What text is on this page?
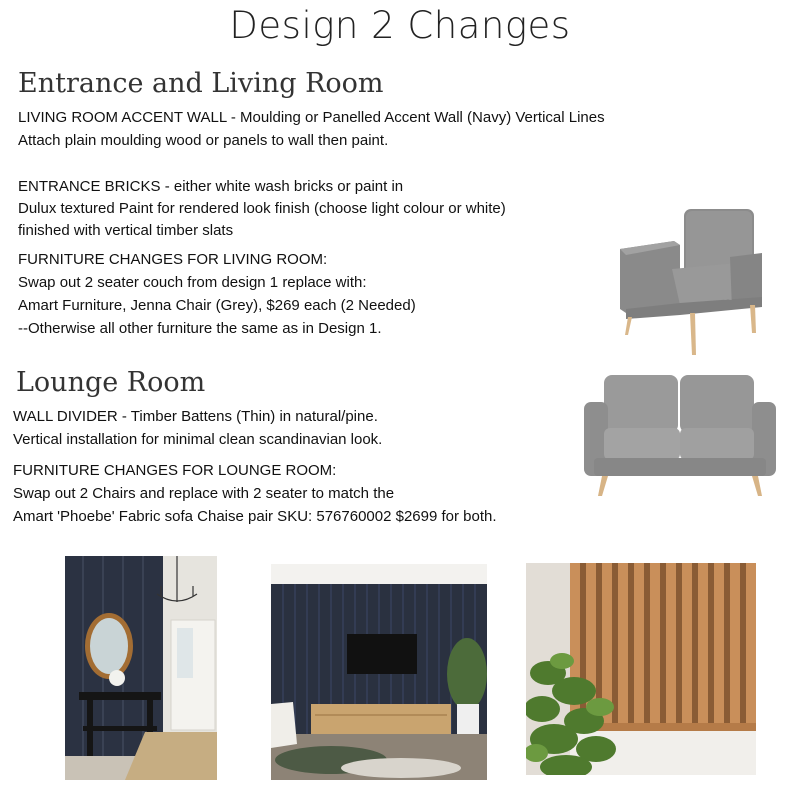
Design 2 Changes
Entrance and Living Room
LIVING ROOM ACCENT WALL - Moulding or Panelled Accent Wall (Navy) Vertical Lines
Attach plain moulding wood or panels to wall then paint.
ENTRANCE BRICKS - either white wash bricks or paint in
Dulux textured Paint for rendered look finish (choose light colour or white)
finished with vertical timber slats
FURNITURE CHANGES FOR LIVING ROOM:
Swap out 2 seater couch from design 1 replace with:
Amart Furniture, Jenna Chair (Grey), $269 each (2 Needed)
--Otherwise all other furniture the same as in Design 1.
Lounge Room
WALL DIVIDER - Timber Battens (Thin) in natural/pine.
Vertical installation for minimal clean scandinavian look.
FURNITURE CHANGES FOR LOUNGE ROOM:
Swap out 2 Chairs and replace with 2 seater to match the
Amart 'Phoebe' Fabric sofa Chaise pair SKU: 576760002 $2699 for both.
